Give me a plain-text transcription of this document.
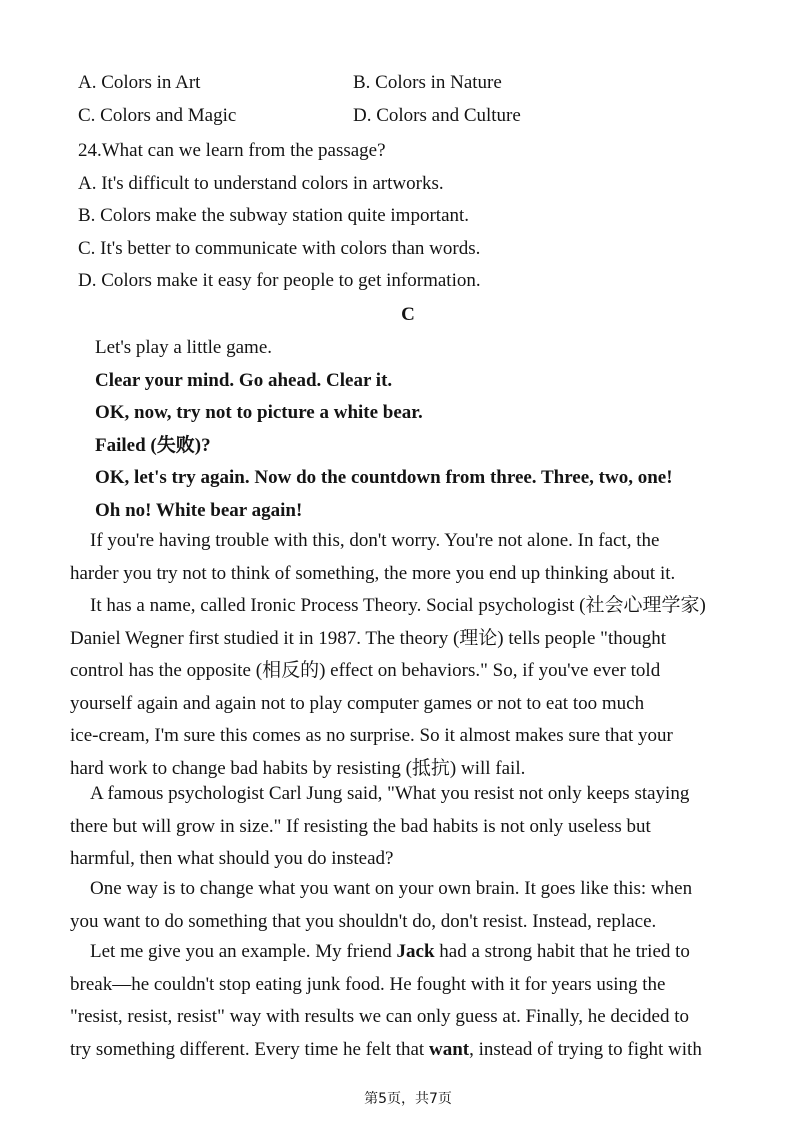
A. Colors in Art	B. Colors in Nature
C. Colors and Magic	D. Colors and Culture
24.What can we learn from the passage?
A. It's difficult to understand colors in artworks.
B. Colors make the subway station quite important.
C. It's better to communicate with colors than words.
D. Colors make it easy for people to get information.
C
Let's play a little game.
Clear your mind. Go ahead. Clear it.
OK, now, try not to picture a white bear.
Failed (失败)?
OK, let's try again. Now do the countdown from three. Three, two, one!
Oh no! White bear again!
If you're having trouble with this, don't worry. You're not alone. In fact, the
harder you try not to think of something, the more you end up thinking about it.
It has a name, called Ironic Process Theory. Social psychologist (社会心理学家)
Daniel Wegner first studied it in 1987. The theory (理论) tells people "thought
control has the opposite (相反的) effect on behaviors." So, if you've ever told
yourself again and again not to play computer games or not to eat too much
ice-cream, I'm sure this comes as no surprise. So it almost makes sure that your
hard work to change bad habits by resisting (抵抗) will fail.
A famous psychologist Carl Jung said, "What you resist not only keeps staying
there but will grow in size." If resisting the bad habits is not only useless but
harmful, then what should you do instead?
One way is to change what you want on your own brain. It goes like this: when
you want to do something that you shouldn't do, don't resist. Instead, replace.
Let me give you an example. My friend Jack had a strong habit that he tried to
break—he couldn't stop eating junk food. He fought with it for years using the
"resist, resist, resist" way with results we can only guess at. Finally, he decided to
try something different. Every time he felt that want, instead of trying to fight with
第5页，共7页
